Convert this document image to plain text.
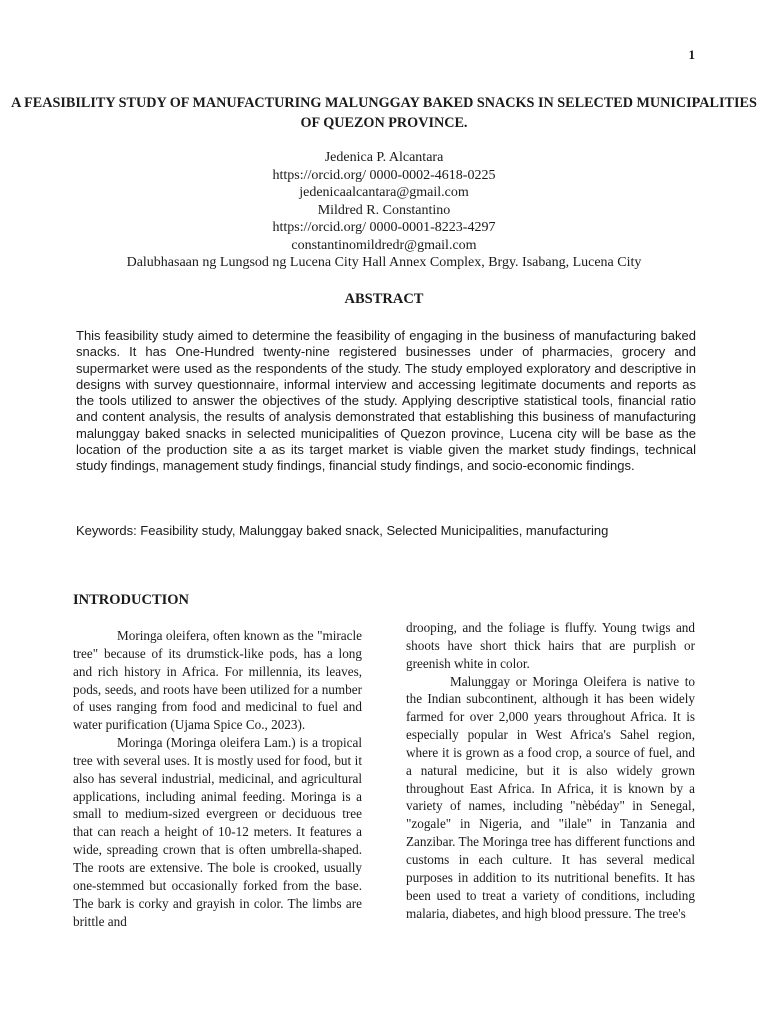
1
A FEASIBILITY STUDY OF MANUFACTURING MALUNGGAY BAKED SNACKS IN SELECTED MUNICIPALITIES OF QUEZON PROVINCE.
Jedenica P. Alcantara
https://orcid.org/ 0000-0002-4618-0225
jedenicaalcantara@gmail.com
Mildred R. Constantino
https://orcid.org/ 0000-0001-8223-4297
constantinomildredr@gmail.com
Dalubhasaan ng Lungsod ng Lucena City Hall Annex Complex, Brgy. Isabang, Lucena City
ABSTRACT
This feasibility study aimed to determine the feasibility of engaging in the business of manufacturing baked snacks. It has One-Hundred twenty-nine registered businesses under of pharmacies, grocery and supermarket were used as the respondents of the study. The study employed exploratory and descriptive in designs with survey questionnaire, informal interview and accessing legitimate documents and reports as the tools utilized to answer the objectives of the study. Applying descriptive statistical tools, financial ratio and content analysis, the results of analysis demonstrated that establishing this business of manufacturing malunggay baked snacks in selected municipalities of Quezon province, Lucena city will be base as the location of the production site a as its target market is viable given the market study findings, technical study findings, management study findings, financial study findings, and socio-economic findings.
Keywords: Feasibility study, Malunggay baked snack, Selected Municipalities, manufacturing
INTRODUCTION

Moringa oleifera, often known as the "miracle tree" because of its drumstick-like pods, has a long and rich history in Africa. For millennia, its leaves, pods, seeds, and roots have been utilized for a number of uses ranging from food and medicinal to fuel and water purification (Ujama Spice Co., 2023).

Moringa (Moringa oleifera Lam.) is a tropical tree with several uses. It is mostly used for food, but it also has several industrial, medicinal, and agricultural applications, including animal feeding. Moringa is a small to medium-sized evergreen or deciduous tree that can reach a height of 10-12 meters. It features a wide, spreading crown that is often umbrella-shaped. The roots are extensive. The bole is crooked, usually one-stemmed but occasionally forked from the base. The bark is corky and grayish in color. The limbs are brittle and

drooping, and the foliage is fluffy. Young twigs and shoots have short thick hairs that are purplish or greenish white in color.

Malunggay or Moringa Oleifera is native to the Indian subcontinent, although it has been widely farmed for over 2,000 years throughout Africa. It is especially popular in West Africa's Sahel region, where it is grown as a food crop, a source of fuel, and a natural medicine, but it is also widely grown throughout East Africa. In Africa, it is known by a variety of names, including "nèbéday" in Senegal, "zogale" in Nigeria, and "ilale" in Tanzania and Zanzibar. The Moringa tree has different functions and customs in each culture. It has several medical purposes in addition to its nutritional benefits. It has been used to treat a variety of conditions, including malaria, diabetes, and high blood pressure. The tree's
